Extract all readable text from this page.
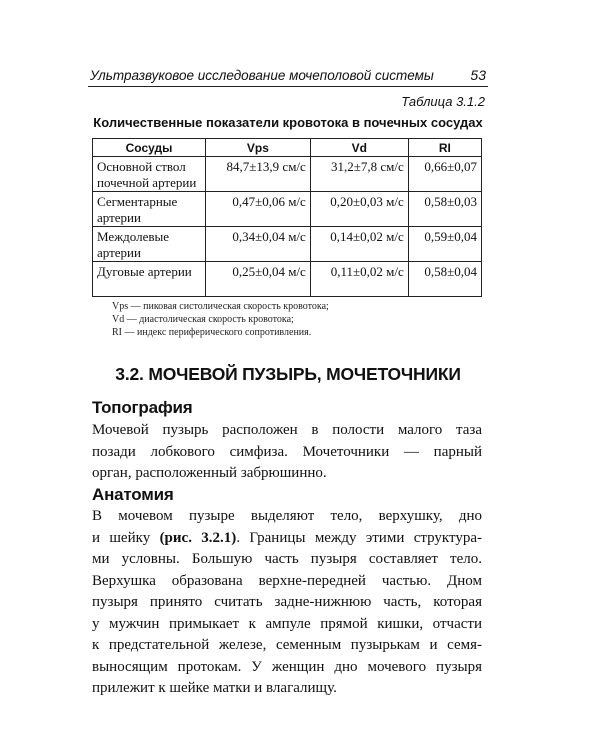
Ультразвуковое исследование мочеполовой системы	53
Таблица 3.1.2
Количественные показатели кровотока в почечных сосудах
Сосуды	Vps	Vd	RI
Основной ствол почечной артерии	84,7±13,9 см/с	31,2±7,8 см/с	0,66±0,07
Сегментарные артерии	0,47±0,06 м/с	0,20±0,03 м/с	0,58±0,03
Междолевые артерии	0,34±0,04 м/с	0,14±0,02 м/с	0,59±0,04
Дуговые артерии	0,25±0,04 м/с	0,11±0,02 м/с	0,58±0,04
Vps — пиковая систолическая скорость кровотока;
Vd — диастолическая скорость кровотока;
RI — индекс периферического сопротивления.
3.2. МОЧЕВОЙ ПУЗЫРЬ, МОЧЕТОЧНИКИ
Топография
Мочевой пузырь расположен в полости малого таза
позади лобкового симфиза. Мочеточники — парный
орган, расположенный забрюшинно.
Анатомия
В мочевом пузыре выделяют тело, верхушку, дно
и шейку (рис. 3.2.1). Границы между этими структура-
ми условны. Большую часть пузыря составляет тело.
Верхушка образована верхне-передней частью. Дном
пузыря принято считать задне-нижнюю часть, которая
у мужчин примыкает к ампуле прямой кишки, отчасти
к предстательной железе, семенным пузырькам и семя-
выносящим протокам. У женщин дно мочевого пузыря
прилежит к шейке матки и влагалищу.
